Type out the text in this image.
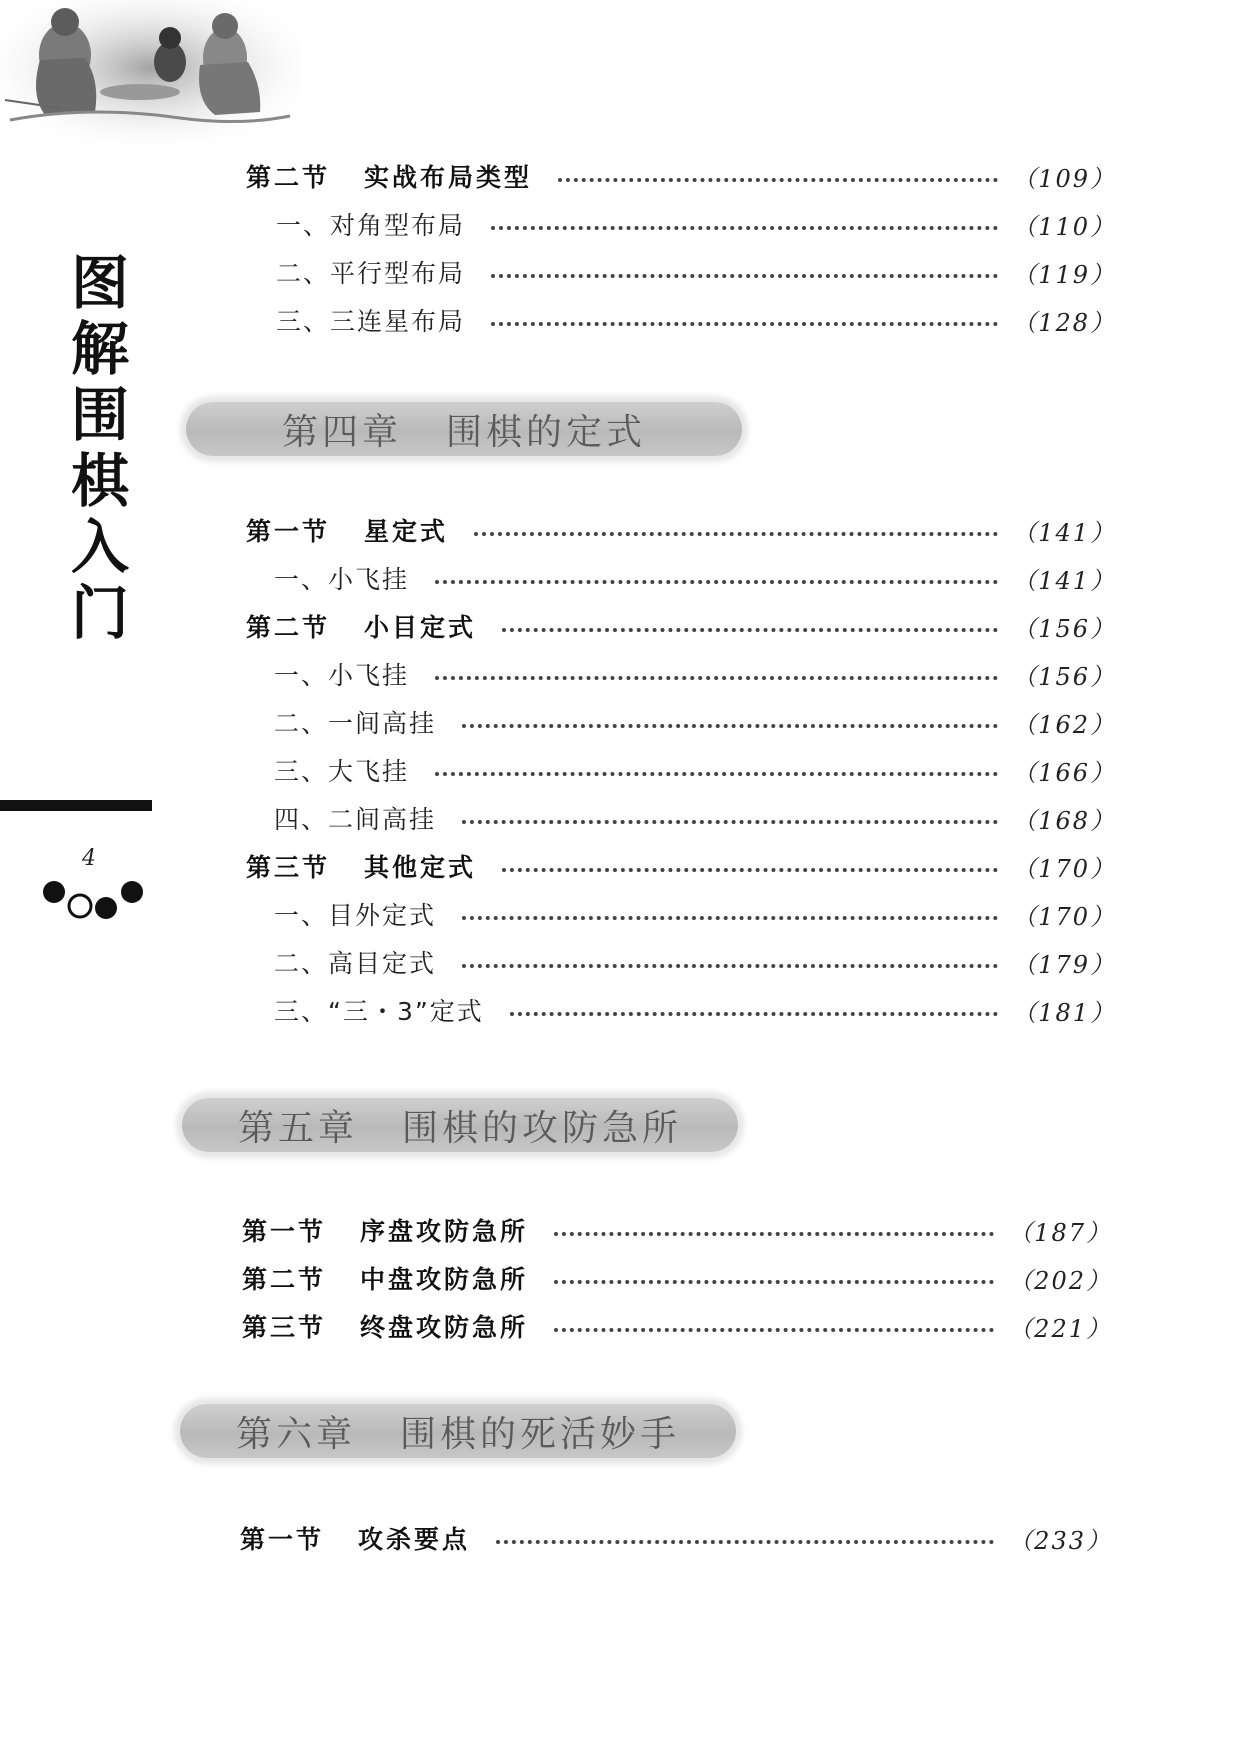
图
解
围
棋
入
门
4
第二节 实战布局类型	（109）
一、对角型布局	（110）
二、平行型布局	（119）
三、三连星布局	（128）
第四章 围棋的定式
第一节 星定式	（141）
一、小飞挂	（141）
第二节 小目定式	（156）
一、小飞挂	（156）
二、一间高挂	（162）
三、大飞挂	（166）
四、二间高挂	（168）
第三节 其他定式	（170）
一、目外定式	（170）
二、高目定式	（179）
三、“三・3”定式	（181）
第五章 围棋的攻防急所
第一节 序盘攻防急所	（187）
第二节 中盘攻防急所	（202）
第三节 终盘攻防急所	（221）
第六章 围棋的死活妙手
第一节 攻杀要点	（233）
